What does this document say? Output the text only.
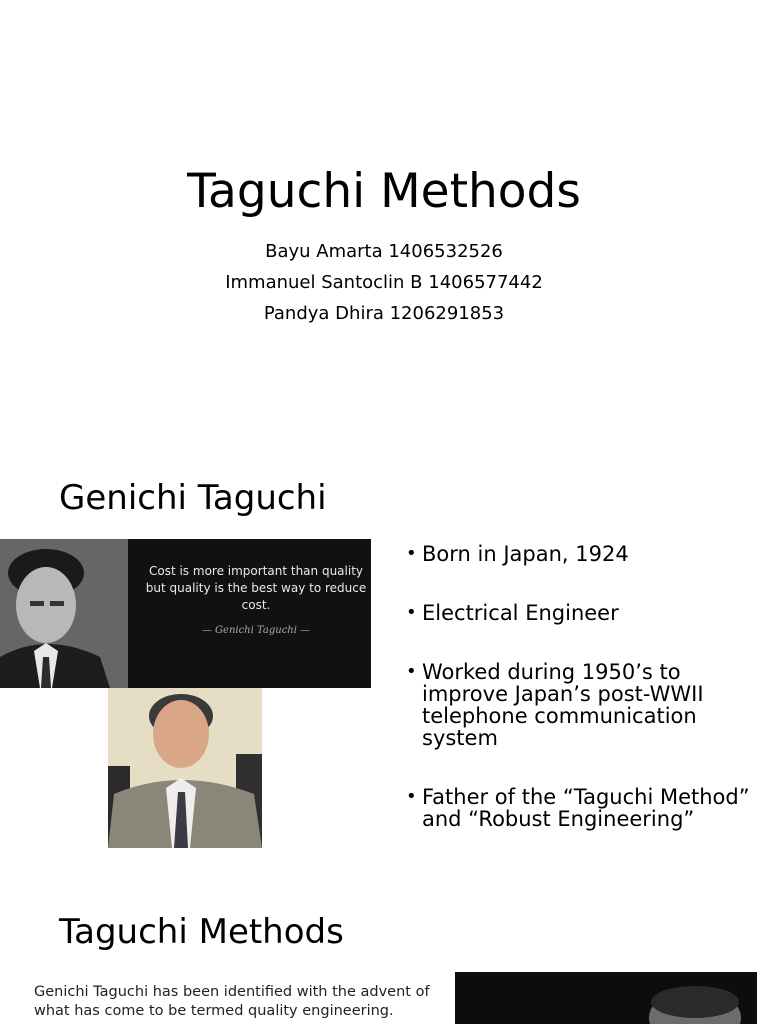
Taguchi Methods
Bayu Amarta 1406532526
Immanuel Santoclin B 1406577442
Pandya Dhira 1206291853
Genichi Taguchi
Cost is more important than quality but quality is the best way to reduce cost.
— Genichi Taguchi —
• Born in Japan, 1924
• Electrical Engineer
• Worked during 1950’s to improve Japan’s post-WWII telephone communication system
• Father of the “Taguchi Method” and “Robust Engineering”
Taguchi Methods
Genichi Taguchi has been identified with the advent of what has come to be termed quality engineering.
